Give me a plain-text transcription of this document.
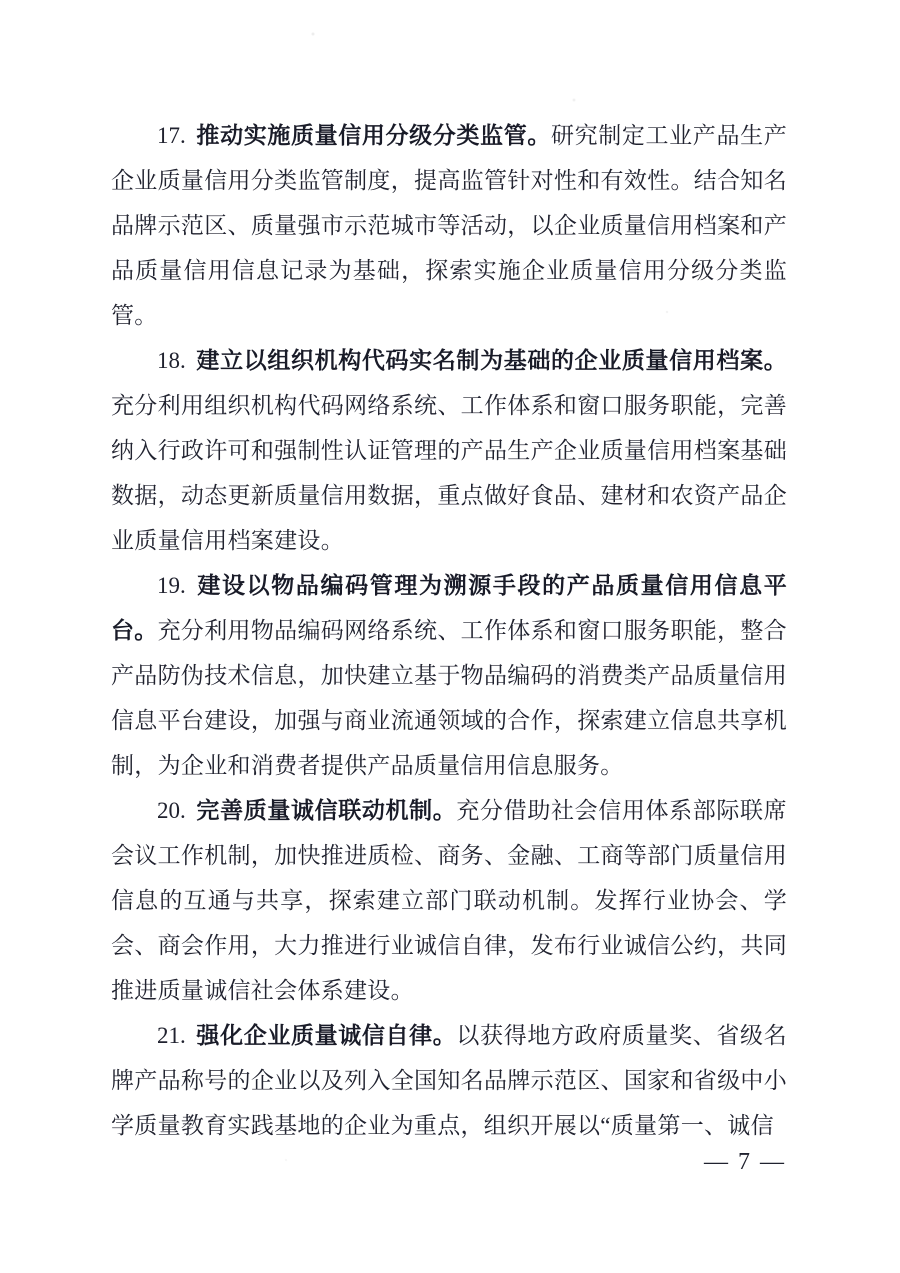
17. 推动实施质量信用分级分类监管。研究制定工业产品生产企业质量信用分类监管制度，提高监管针对性和有效性。结合知名品牌示范区、质量强市示范城市等活动，以企业质量信用档案和产品质量信用信息记录为基础，探索实施企业质量信用分级分类监管。

18. 建立以组织机构代码实名制为基础的企业质量信用档案。充分利用组织机构代码网络系统、工作体系和窗口服务职能，完善纳入行政许可和强制性认证管理的产品生产企业质量信用档案基础数据，动态更新质量信用数据，重点做好食品、建材和农资产品企业质量信用档案建设。

19. 建设以物品编码管理为溯源手段的产品质量信用信息平台。充分利用物品编码网络系统、工作体系和窗口服务职能，整合产品防伪技术信息，加快建立基于物品编码的消费类产品质量信用信息平台建设，加强与商业流通领域的合作，探索建立信息共享机制，为企业和消费者提供产品质量信用信息服务。

20. 完善质量诚信联动机制。充分借助社会信用体系部际联席会议工作机制，加快推进质检、商务、金融、工商等部门质量信用信息的互通与共享，探索建立部门联动机制。发挥行业协会、学会、商会作用，大力推进行业诚信自律，发布行业诚信公约，共同推进质量诚信社会体系建设。

21. 强化企业质量诚信自律。以获得地方政府质量奖、省级名牌产品称号的企业以及列入全国知名品牌示范区、国家和省级中小学质量教育实践基地的企业为重点，组织开展以“质量第一、诚信

— 7 —
